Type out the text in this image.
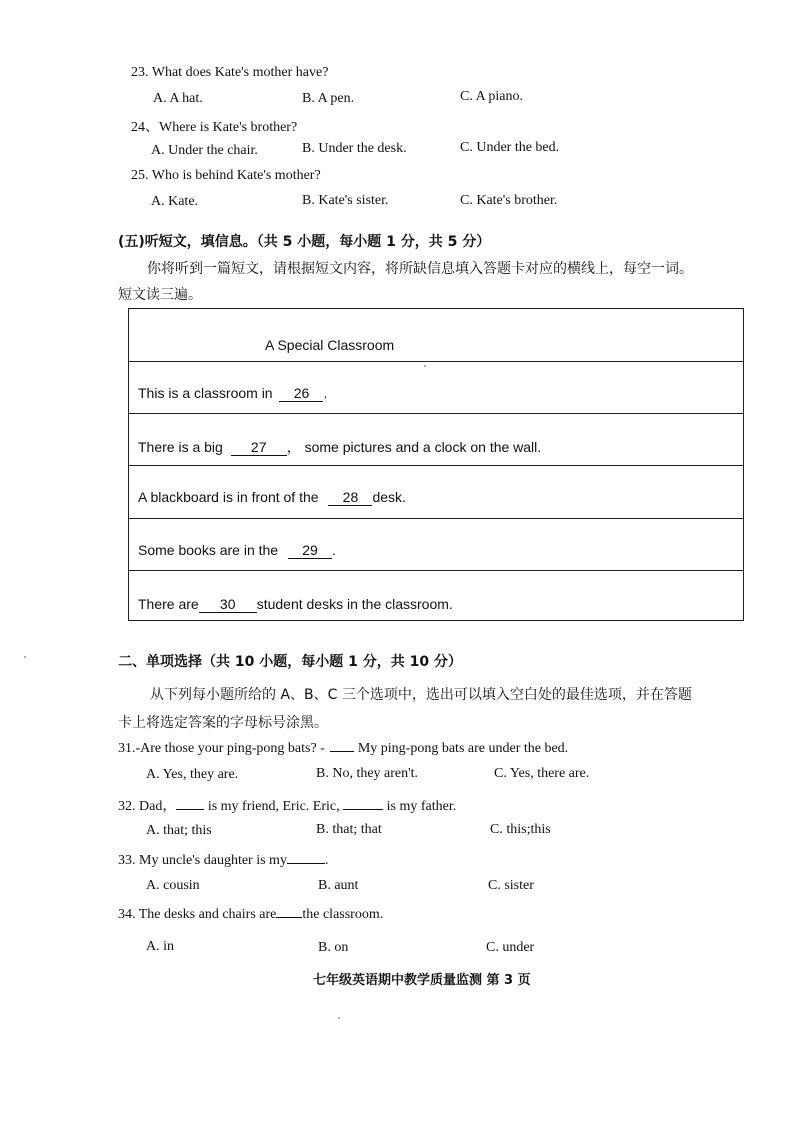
23. What does Kate's mother have?
A. A hat.	B. A pen.	C. A piano.
24、Where is Kate's brother?
A. Under the chair.	B. Under the desk.	C. Under the bed.
25. Who is behind Kate's mother?
A. Kate.	B. Kate's sister.	C. Kate's brother.
(五)听短文，填信息。（共 5 小题，每小题 1 分，共 5 分）
你将听到一篇短文，请根据短文内容，将所缺信息填入答题卡对应的横线上，每空一词。
短文读三遍。
A Special Classroom
This is a classroom in 26 .
There is a big 27 ， some pictures and a clock on the wall.
A blackboard is in front of the 28 desk.
Some books are in the 29 .
There are 30 student desks in the classroom.
二、单项选择（共 10 小题，每小题 1 分，共 10 分）
从下列每小题所给的 A、B、C 三个选项中，选出可以填入空白处的最佳选项，并在答题
卡上将选定答案的字母标号涂黑。
31.-Are those your ping-pong bats? -  My ping-pong bats are under the bed.
A. Yes, they are.	B. No, they aren't.	C. Yes, there are.
32. Dad， is my friend, Eric. Eric,	is my father.
A. that; this	B. that; that	C. this;this
33. My uncle's daughter is my	.
A. cousin	B. aunt	C. sister
34. The desks and chairs are the classroom.
A. in	B. on	C. under
七年级英语期中教学质量监测 第 3 页
